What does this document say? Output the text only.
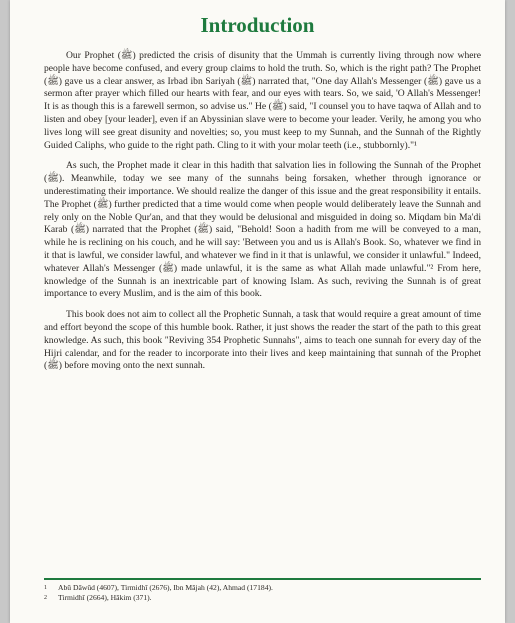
Introduction

Our Prophet (ﷺ) predicted the crisis of disunity that the Ummah is currently living through now where people have become confused, and every group claims to hold the truth. So, which is the right path? The Prophet (ﷺ) gave us a clear answer, as Irbad ibn Sariyah (ﷺ) narrated that, "One day Allah's Messenger (ﷺ) gave us a sermon after prayer which filled our hearts with fear, and our eyes with tears. So, we said, 'O Allah's Messenger! It is as though this is a farewell sermon, so advise us." He (ﷺ) said, "I counsel you to have taqwa of Allah and to listen and obey [your leader], even if an Abyssinian slave were to become your leader. Verily, he among you who lives long will see great disunity and novelties; so, you must keep to my Sunnah, and the Sunnah of the Rightly Guided Caliphs, who guide to the right path. Cling to it with your molar teeth (i.e., stubbornly)."¹

As such, the Prophet made it clear in this hadith that salvation lies in following the Sunnah of the Prophet (ﷺ). Meanwhile, today we see many of the sunnahs being forsaken, whether through ignorance or underestimating their importance. We should realize the danger of this issue and the great responsibility it entails. The Prophet (ﷺ) further predicted that a time would come when people would deliberately leave the Sunnah and rely only on the Noble Qur'an, and that they would be delusional and misguided in doing so. Miqdam bin Ma'di Karab (ﷺ) narrated that the Prophet (ﷺ) said, "Behold! Soon a hadith from me will be conveyed to a man, while he is reclining on his couch, and he will say: 'Between you and us is Allah's Book. So, whatever we find in it that is lawful, we consider lawful, and whatever we find in it that is unlawful, we consider it unlawful." Indeed, whatever Allah's Messenger (ﷺ) made unlawful, it is the same as what Allah made unlawful."² From here, knowledge of the Sunnah is an inextricable part of knowing Islam. As such, reviving the Sunnah is of great importance to every Muslim, and is the aim of this book.

This book does not aim to collect all the Prophetic Sunnah, a task that would require a great amount of time and effort beyond the scope of this humble book. Rather, it just shows the reader the start of the path to this great knowledge. As such, this book "Reviving 354 Prophetic Sunnahs", aims to teach one sunnah for every day of the Hijri calendar, and for the reader to incorporate into their lives and keep maintaining that sunnah of the Prophet (ﷺ) before moving onto the next sunnah.

1	Abū Dāwūd (4607), Tirmidhī (2676), Ibn Mājah (42), Ahmad (17184).
2	Tirmidhī (2664), Hākim (371).
